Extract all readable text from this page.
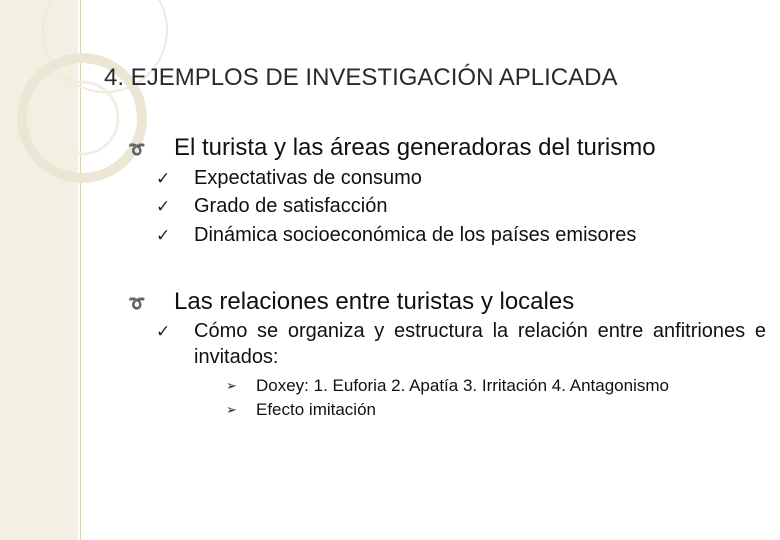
4. EJEMPLOS DE INVESTIGACIÓN APLICADA
➰ El turista y las áreas generadoras del turismo
✓ Expectativas de consumo
✓ Grado de satisfacción
✓ Dinámica socioeconómica de los países emisores
➰ Las relaciones entre turistas y locales
✓ Cómo se organiza y estructura la relación entre anfitriones e invitados:
➢ Doxey: 1. Euforia 2. Apatía 3. Irritación 4. Antagonismo
➢ Efecto imitación
